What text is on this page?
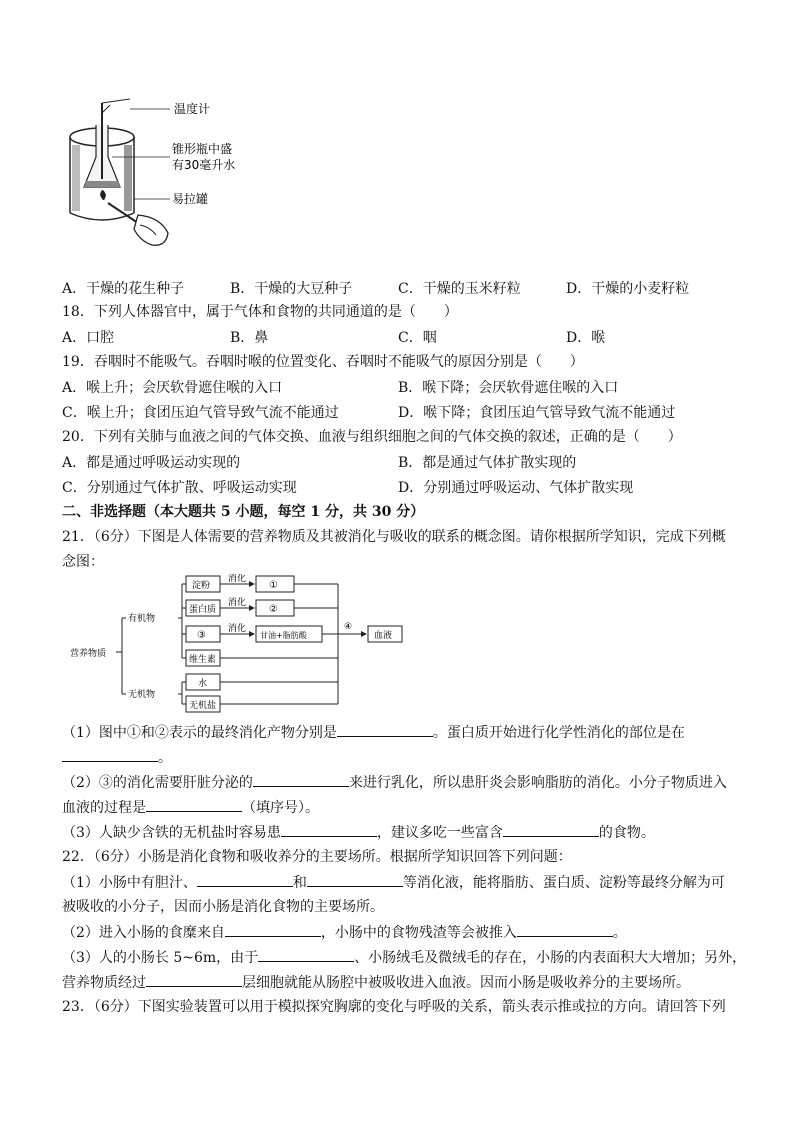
温度计
锥形瓶中盛
有30毫升水
易拉罐
A．干燥的花生种子	B．干燥的大豆种子	C．干燥的玉米籽粒	D．干燥的小麦籽粒
18．下列人体器官中，属于气体和食物的共同通道的是（　　）
A．口腔	B．鼻	C．咽	D．喉
19．吞咽时不能吸气。吞咽时喉的位置变化、吞咽时不能吸气的原因分别是（　　）
A．喉上升；会厌软骨遮住喉的入口	B．喉下降；会厌软骨遮住喉的入口
C．喉上升；食团压迫气管导致气流不能通过	D．喉下降；食团压迫气管导致气流不能通过
20．下列有关肺与血液之间的气体交换、血液与组织细胞之间的气体交换的叙述，正确的是（　　）
A．都是通过呼吸运动实现的	B．都是通过气体扩散实现的
C．分别通过气体扩散、呼吸运动实现	D．分别通过呼吸运动、气体扩散实现
二、非选择题（本大题共 5 小题，每空 1 分，共 30 分）
21．（6分）下图是人体需要的营养物质及其被消化与吸收的联系的概念图。请你根据所学知识，完成下列概
念图：
营养物质
有机物
无机物
淀粉
蛋白质
③
维生素
水
无机盐
消化
消化
消化
①
②
甘油+脂肪酸
④
血液
（1）图中①和②表示的最终消化产物分别是	。蛋白质开始进行化学性消化的部位是在
。
（2）③的消化需要肝脏分泌的	来进行乳化，所以患肝炎会影响脂肪的消化。小分子物质进入
血液的过程是	（填序号）。
（3）人缺少含铁的无机盐时容易患	，建议多吃一些富含	的食物。
22．（6分）小肠是消化食物和吸收养分的主要场所。根据所学知识回答下列问题：
（1）小肠中有胆汁、	和	等消化液，能将脂肪、蛋白质、淀粉等最终分解为可
被吸收的小分子，因而小肠是消化食物的主要场所。
（2）进入小肠的食糜来自	，小肠中的食物残渣等会被推入	。
（3）人的小肠长 5~6m，由于	、小肠绒毛及微绒毛的存在，小肠的内表面积大大增加；另外，
营养物质经过	层细胞就能从肠腔中被吸收进入血液。因而小肠是吸收养分的主要场所。
23．（6分）下图实验装置可以用于模拟探究胸廓的变化与呼吸的关系，箭头表示推或拉的方向。请回答下列
